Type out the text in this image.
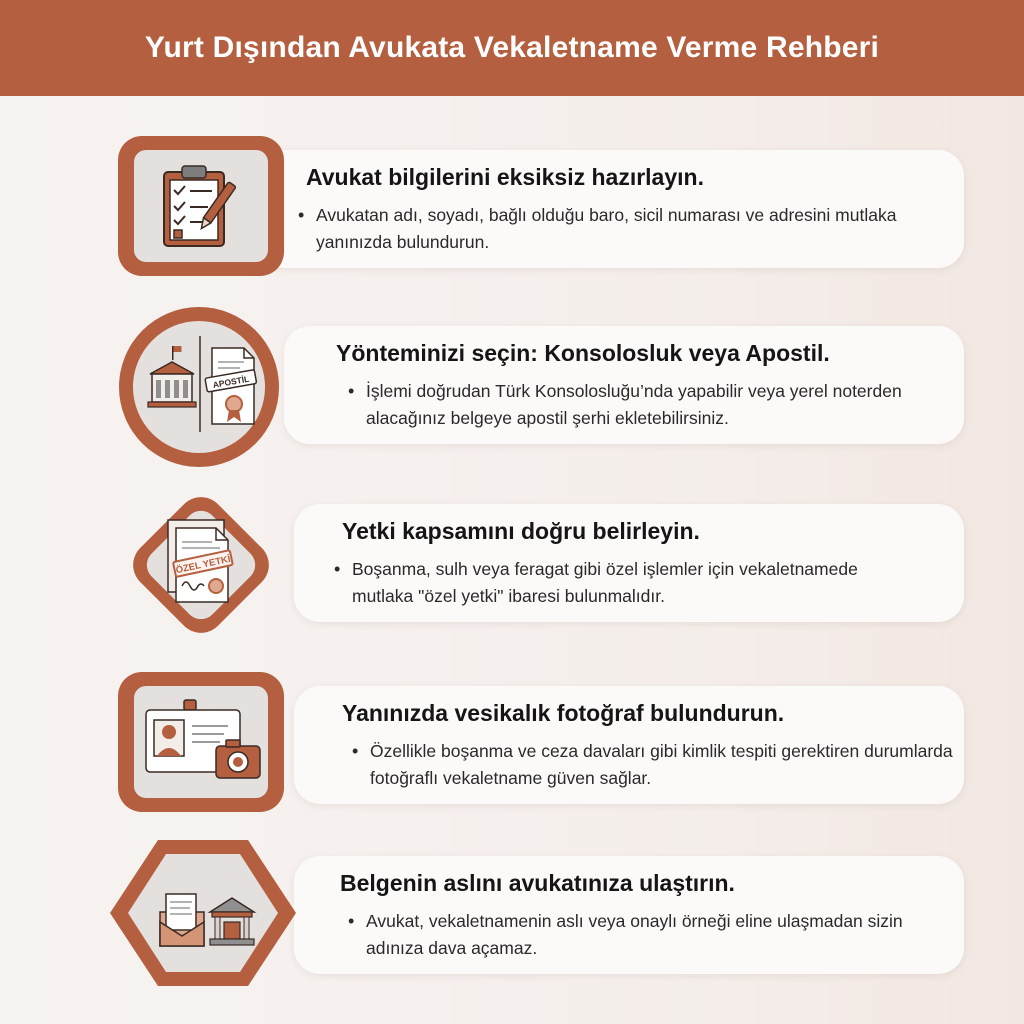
Yurt Dışından Avukata Vekaletname Verme Rehberi
Avukat bilgilerini eksiksiz hazırlayın.
• Avukatan adı, soyadı, bağlı olduğu baro, sicil numarası ve adresini mutlaka yanınızda bulundurun.
Yönteminizi seçin: Konsolosluk veya Apostil.
• İşlemi doğrudan Türk Konsolosluğu’nda yapabilir veya yerel noterden alacağınız belgeye apostil şerhi ekletebilirsiniz.
APOSTİL
Yetki kapsamını doğru belirleyin.
• Boşanma, sulh veya feragat gibi özel işlemler için vekaletnamede mutlaka "özel yetki" ibaresi bulunmalıdır.
ÖZEL YETKİ
Yanınızda vesikalık fotoğraf bulundurun.
• Özellikle boşanma ve ceza davaları gibi kimlik tespiti gerektiren durumlarda fotoğraflı vekaletname güven sağlar.
Belgenin aslını avukatınıza ulaştırın.
• Avukat, vekaletnamenin aslı veya onaylı örneği eline ulaşmadan sizin adınıza dava açamaz.
